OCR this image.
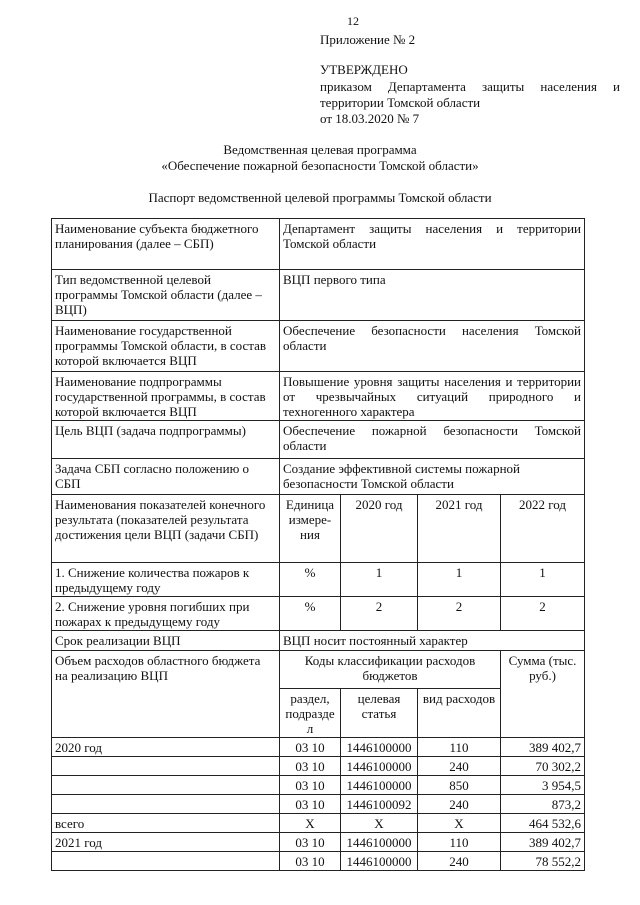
12
Приложение № 2
УТВЕРЖДЕНО
приказом Департамента защиты населения и
территории Томской области
от 18.03.2020 № 7
Ведомственная целевая программа
«Обеспечение пожарной безопасности Томской области»
Паспорт ведомственной целевой программы Томской области
Наименование субъекта бюджетного планирования (далее – СБП)	Департамент защиты населения и территории Томской области			
Тип ведомственной целевой программы Томской области (далее – ВЦП)	ВЦП первого типа			
Наименование государственной программы Томской области, в состав которой включается ВЦП	Обеспечение безопасности населения Томской области			
Наименование подпрограммы государственной программы, в состав которой включается ВЦП	Повышение уровня защиты населения и территории от чрезвычайных ситуаций природного и техногенного характера			
Цель ВЦП (задача подпрограммы)	Обеспечение пожарной безопасности Томской области			
Задача СБП согласно положению о СБП	Создание эффективной системы пожарной безопасности Томской области			
Наименования показателей конечного результата (показателей результата достижения цели ВЦП (задачи СБП)	Единица измере-ния	2020 год	2021 год	2022 год
1. Снижение количества пожаров к предыдущему году	%	1	1	1
2. Снижение уровня погибших при пожарах к предыдущему году	%	2	2	2
Срок реализации ВЦП	ВЦП носит постоянный характер			
Объем расходов областного бюджета на реализацию ВЦП	Коды классификации расходов бюджетов			Сумма (тыс. руб.)
	раздел, подразде л	целевая статья	вид расходов	
2020 год	03 10	1446100000	110	389 402,7
	03 10	1446100000	240	70 302,2
	03 10	1446100000	850	3 954,5
	03 10	1446100092	240	873,2
всего	Х	Х	Х	464 532,6
2021 год	03 10	1446100000	110	389 402,7
	03 10	1446100000	240	78 552,2
